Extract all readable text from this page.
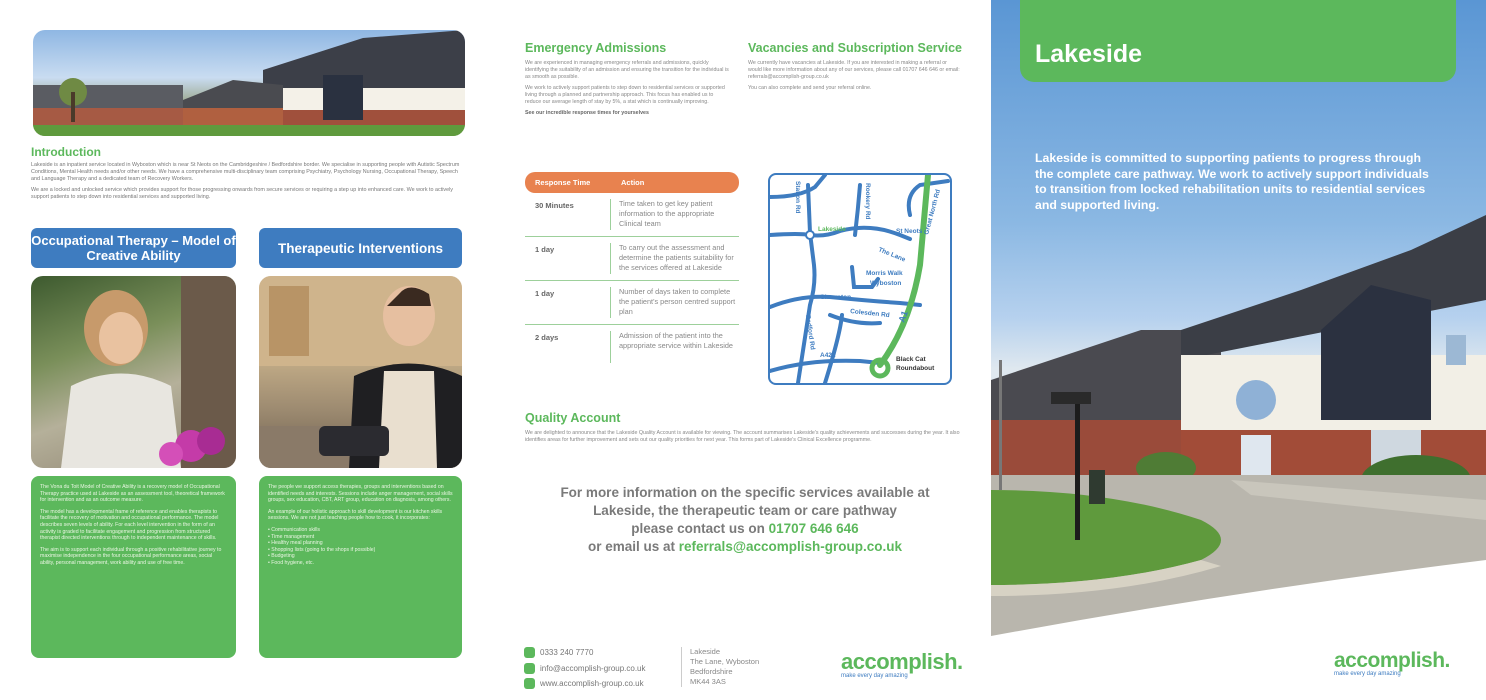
Introduction

Lakeside is an inpatient service located in Wyboston which is near St Neots on the Cambridgeshire / Bedfordshire border. We specialise in supporting people with Autistic Spectrum Conditions, Mental Health needs and/or other needs. We have a comprehensive multi-disciplinary team comprising Psychiatry, Psychology Nursing, Occupational Therapy, Speech and Language Therapy and a dedicated team of Recovery Workers.

We are a locked and unlocked service which provides support for those progressing onwards from secure services or requiring a step up into enhanced care. We work to actively support patients to step down into residential services and supported living.

Occupational Therapy – Model of Creative Ability	Therapeutic Interventions

The Vona du Toit Model of Creative Ability is a recovery model of Occupational Therapy practice used at Lakeside as an assessment tool, theoretical framework for intervention and as an outcome measure.

The model has a developmental frame of reference and enables therapists to facilitate the recovery of motivation and occupational performance. The model describes seven levels of ability. For each level intervention in the form of an activity is graded to facilitate engagement and progression from structured therapist directed interventions through to independent maintenance of skills.

The aim is to support each individual through a positive rehabilitative journey to maximise independence in the four occupational performance areas, social ability, personal management, work ability and use of free time.

The people we support access therapies, groups and interventions based on identified needs and interests. Sessions include anger management, social skills groups, sex education, CBT, ART group, education on diagnosis, among others.

An example of our holistic approach to skill development is our kitchen skills sessions. We are not just teaching people how to cook, it incorporates:

• Communication skills
• Time management
• Healthy meal planning
• Shopping lists (going to the shops if possible)
• Budgeting
• Food hygiene, etc.
Emergency Admissions

We are experienced in managing emergency referrals and admissions, quickly identifying the suitability of an admission and ensuring the transition for the individual is as smooth as possible.

We work to actively support patients to step down to residential services or supported living through a planned and partnership approach. This focus has enabled us to reduce our average length of stay by 5%, a stat which is continually improving.

See our incredible response times for yourselves

Vacancies and Subscription Service

We currently have vacancies at Lakeside. If you are interested in making a referral or would like more information about any of our services, please call 01707 646 646 or email: referrals@accomplish-group.co.uk

You can also complete and send your referral online.

Response Time	Action
30 Minutes	Time taken to get key patient information to the appropriate Clinical team
1 day	To carry out the assessment and determine the patients suitability for the services offered at Lakeside
1 day	Number of days taken to complete the patient's person centred support plan
2 days	Admission of the patient into the appropriate service within Lakeside
Lakeside
Station Rd	Rookery Rd
St Neots
The Lane
Great North Rd
Morris Walk
Wyboston
Chawston
Colesden Rd
Bedford Rd	A1
A421
Black Cat
Roundabout
Quality Account
We are delighted to announce that the Lakeside Quality Account is available for viewing. The account summarises Lakeside's quality achievements and successes during the year. It also identifies areas for further improvement and sets out our quality priorities for next year. This forms part of Lakeside's Clinical Excellence programme.
For more information on the specific services available at
Lakeside, the therapeutic team or care pathway
please contact us on 01707 646 646
or email us at referrals@accomplish-group.co.uk
0333 240 7770
info@accomplish-group.co.uk
www.accomplish-group.co.uk
Lakeside
The Lane, Wyboston
Bedfordshire
MK44 3AS
accomplish.
make every day amazing
Lakeside
Lakeside is committed to supporting patients to progress through the complete care pathway. We work to actively support individuals to transition from locked rehabilitation units to residential services and supported living.
accomplish.
make every day amazing
